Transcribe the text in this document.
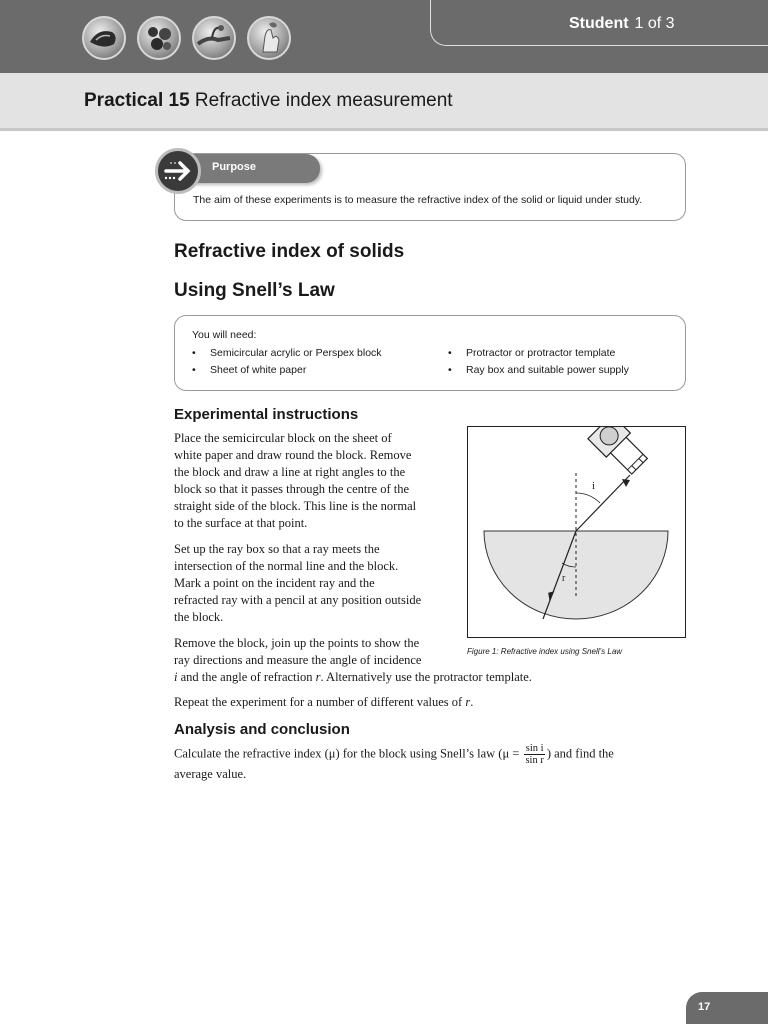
Student 1 of 3
Practical 15 Refractive index measurement
Purpose
The aim of these experiments is to measure the refractive index of the solid or liquid under study.
Refractive index of solids
Using Snell’s Law
You will need:
• Semicircular acrylic or Perspex block
• Sheet of white paper
• Protractor or protractor template
• Ray box and suitable power supply
Experimental instructions
Place the semicircular block on the sheet of
white paper and draw round the block. Remove
the block and draw a line at right angles to the
block so that it passes through the centre of the
straight side of the block. This line is the normal
to the surface at that point.
Set up the ray box so that a ray meets the
intersection of the normal line and the block.
Mark a point on the incident ray and the
refracted ray with a pencil at any position outside
the block.
Remove the block, join up the points to show the
ray directions and measure the angle of incidence
i and the angle of refraction r. Alternatively use the protractor template.
Repeat the experiment for a number of different values of r.
i
r
Figure 1: Refractive index using Snell’s Law
Analysis and conclusion
Calculate the refractive index (μ) for the block using Snell’s law ($\mu = \frac{\text{sin i}}{\text{sin r}}$ ) and find the
average value.
17
